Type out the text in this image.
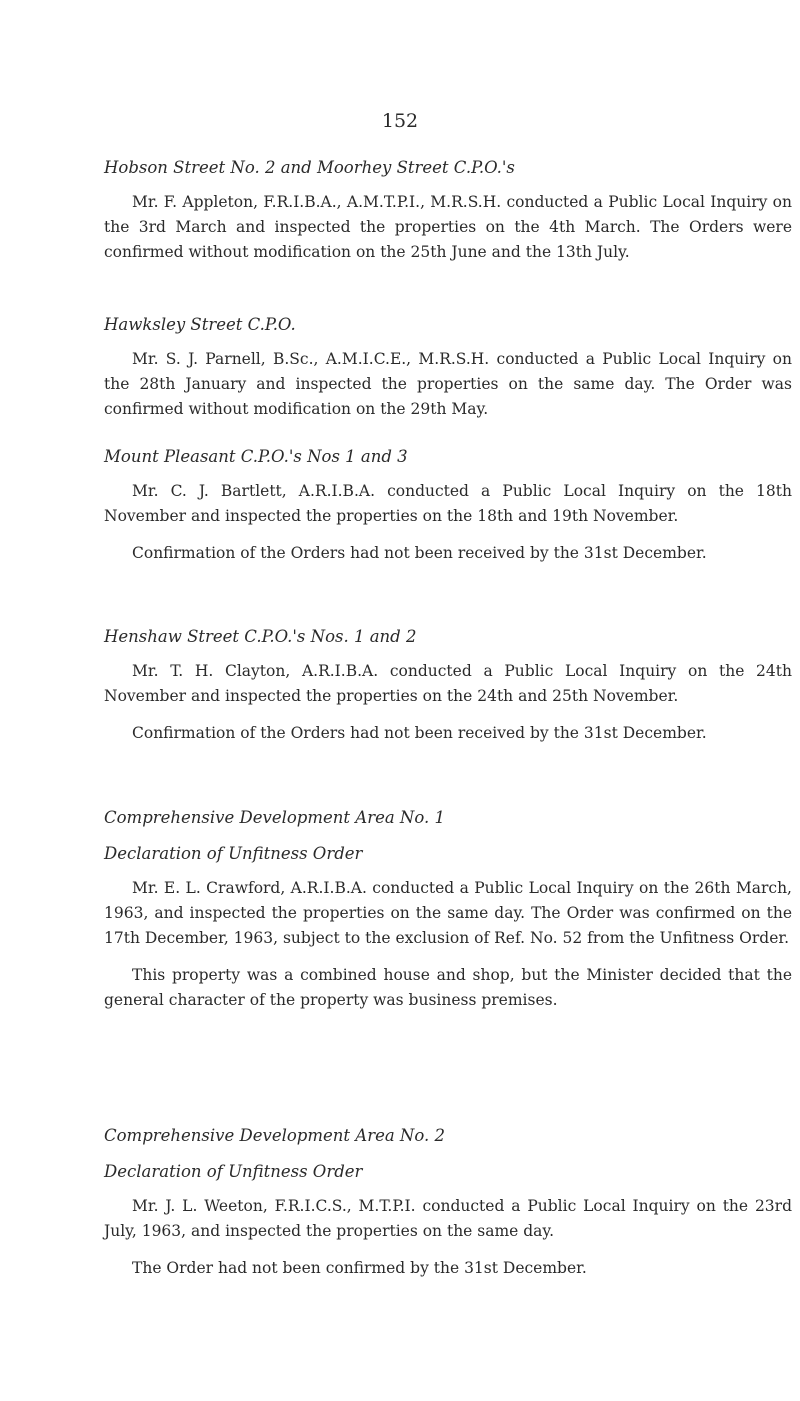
152

Hobson Street No. 2 and Moorhey Street C.P.O.'s

Mr. F. Appleton, F.R.I.B.A., A.M.T.P.I., M.R.S.H. conducted a Public Local Inquiry on the 3rd March and inspected the properties on the 4th March. The Orders were confirmed without modification on the 25th June and the 13th July.

Hawksley Street C.P.O.

Mr. S. J. Parnell, B.Sc., A.M.I.C.E., M.R.S.H. conducted a Public Local Inquiry on the 28th January and inspected the properties on the same day. The Order was confirmed without modification on the 29th May.

Mount Pleasant C.P.O.'s Nos 1 and 3

Mr. C. J. Bartlett, A.R.I.B.A. conducted a Public Local Inquiry on the 18th November and inspected the properties on the 18th and 19th November.

Confirmation of the Orders had not been received by the 31st December.

Henshaw Street C.P.O.'s Nos. 1 and 2

Mr. T. H. Clayton, A.R.I.B.A. conducted a Public Local Inquiry on the 24th November and inspected the properties on the 24th and 25th November.

Confirmation of the Orders had not been received by the 31st December.

Comprehensive Development Area No. 1

Declaration of Unfitness Order

Mr. E. L. Crawford, A.R.I.B.A. conducted a Public Local Inquiry on the 26th March, 1963, and inspected the properties on the same day. The Order was confirmed on the 17th December, 1963, subject to the exclusion of Ref. No. 52 from the Unfitness Order.

This property was a combined house and shop, but the Minister decided that the general character of the property was business premises.

Comprehensive Development Area No. 2

Declaration of Unfitness Order

Mr. J. L. Weeton, F.R.I.C.S., M.T.P.I. conducted a Public Local Inquiry on the 23rd July, 1963, and inspected the properties on the same day.

The Order had not been confirmed by the 31st December.
